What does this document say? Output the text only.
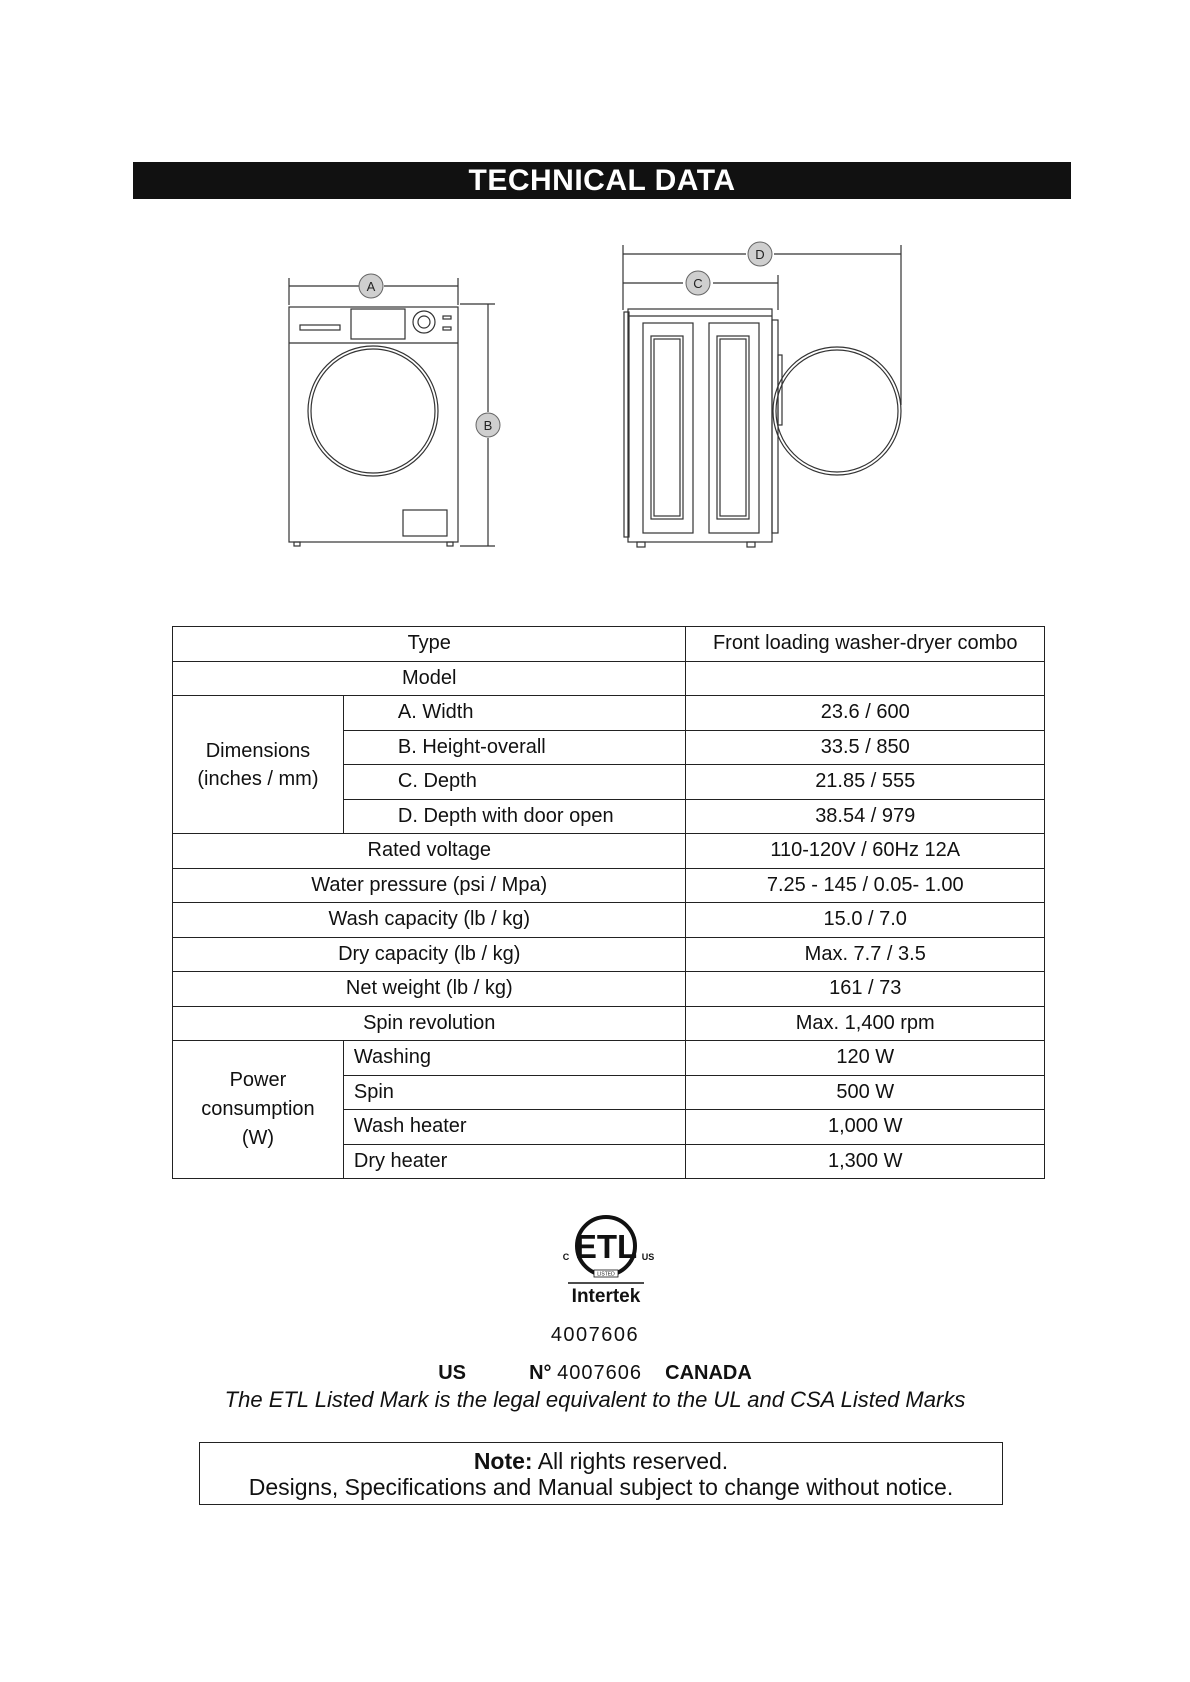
TECHNICAL DATA
A
B
C
D
Type		Front loading washer-dryer combo
Model		
Dimensions
(inches / mm)	A. Width	23.6 / 600
	B. Height-overall	33.5 / 850
	C. Depth	21.85 / 555
	D. Depth with door open	38.54 / 979
Rated voltage		110-120V / 60Hz 12A
Water pressure (psi / Mpa)		7.25 - 145 / 0.05- 1.00
Wash capacity (lb / kg)		15.0 / 7.0
Dry capacity (lb / kg)		Max. 7.7 / 3.5
Net weight (lb / kg)		161 / 73
Spin revolution		Max. 1,400 rpm
Power
consumption
(W)	Washing	120 W
	Spin	500 W
	Wash heater	1,000 W
	Dry heater	1,300 W
ETL
C	US
LISTED
Intertek
4007606
US	N° 4007606 CANADA
The ETL Listed Mark is the legal equivalent to the UL and CSA Listed Marks
Note: All rights reserved.
Designs, Specifications and Manual subject to change without notice.
